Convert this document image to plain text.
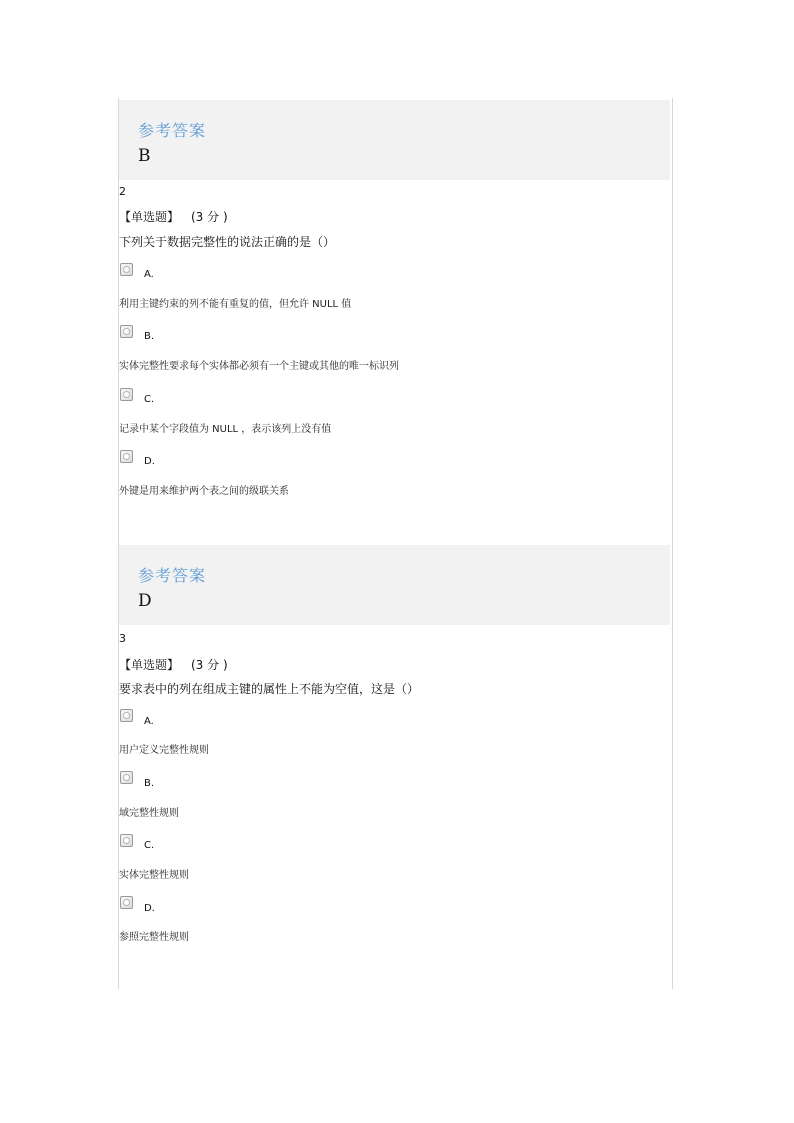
参考答案
B
2
【单选题】 (3 分 )
下列关于数据完整性的说法正确的是（）
A.
利用主键约束的列不能有重复的值，但允许 NULL 值
B.
实体完整性要求每个实体都必须有一个主键或其他的唯一标识列
C.
记录中某个字段值为 NULL ，表示该列上没有值
D.
外键是用来维护两个表之间的级联关系
参考答案
D
3
【单选题】 (3 分 )
要求表中的列在组成主键的属性上不能为空值，这是（）
A.
用户定义完整性规则
B.
域完整性规则
C.
实体完整性规则
D.
参照完整性规则
